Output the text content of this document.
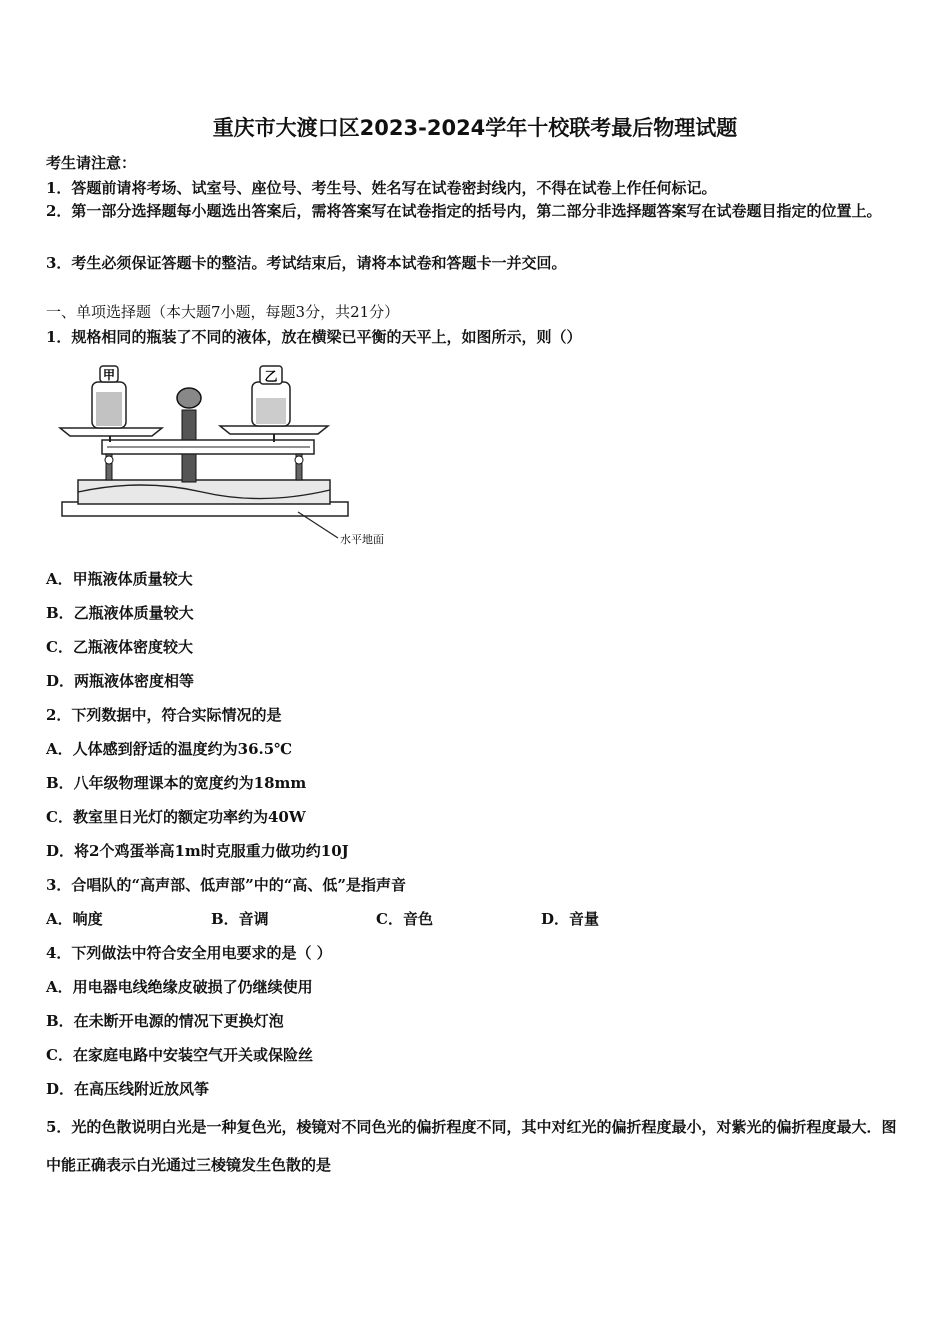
重庆市大渡口区2023-2024学年十校联考最后物理试题
考生请注意：
1．答题前请将考场、试室号、座位号、考生号、姓名写在试卷密封线内，不得在试卷上作任何标记。
2．第一部分选择题每小题选出答案后，需将答案写在试卷指定的括号内，第二部分非选择题答案写在试卷题目指定的位置上。
3．考生必须保证答题卡的整洁。考试结束后，请将本试卷和答题卡一并交回。
一、单项选择题（本大题7小题，每题3分，共21分）
1．规格相同的瓶装了不同的液体，放在横梁已平衡的天平上，如图所示，则（）
甲	乙
水平地面
A．甲瓶液体质量较大
B．乙瓶液体质量较大
C．乙瓶液体密度较大
D．两瓶液体密度相等
2．下列数据中，符合实际情况的是
A．人体感到舒适的温度约为36.5℃
B．八年级物理课本的宽度约为18mm
C．教室里日光灯的额定功率约为40W
D．将2个鸡蛋举高1m时克服重力做功约10J
3．合唱队的“高声部、低声部”中的“高、低”是指声音
A．响度	B．音调	C．音色	D．音量
4．下列做法中符合安全用电要求的是（ ）
A．用电器电线绝缘皮破损了仍继续使用
B．在未断开电源的情况下更换灯泡
C．在家庭电路中安装空气开关或保险丝
D．在高压线附近放风筝
5．光的色散说明白光是一种复色光，棱镜对不同色光的偏折程度不同，其中对红光的偏折程度最小，对紫光的偏折程度最大．图中能正确表示白光通过三棱镜发生色散的是
